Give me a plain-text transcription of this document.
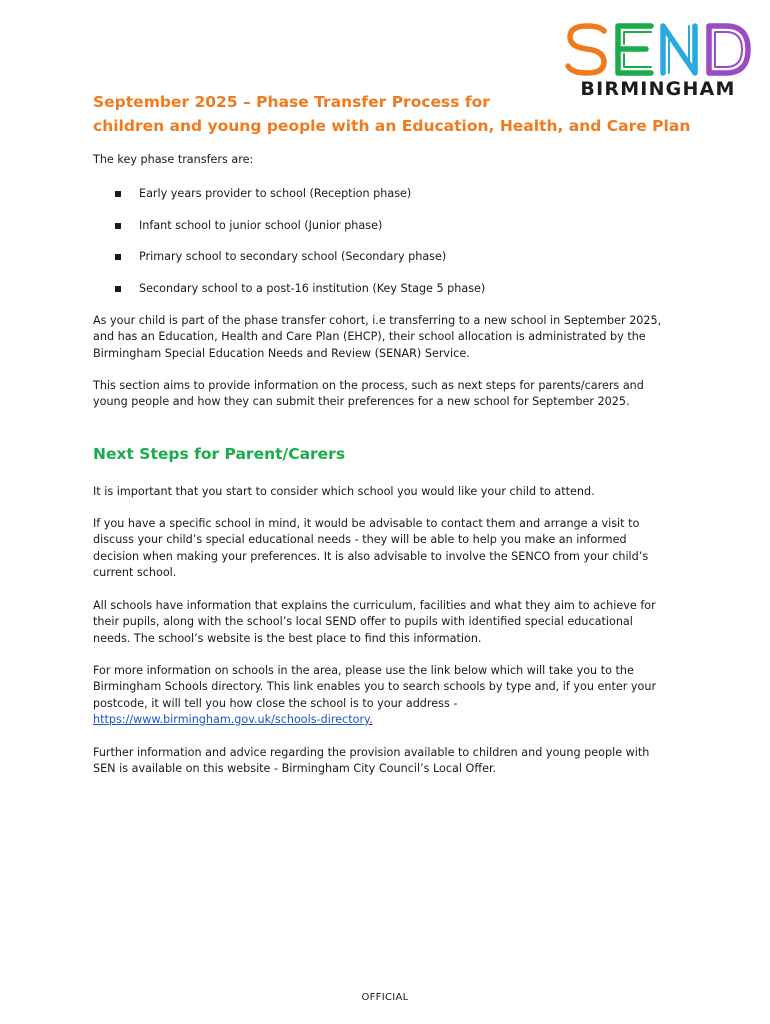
BIRMINGHAM
September 2025 – Phase Transfer Process for
children and young people with an Education, Health, and Care Plan

The key phase transfers are:

Early years provider to school (Reception phase)
Infant school to junior school (Junior phase)
Primary school to secondary school (Secondary phase)
Secondary school to a post-16 institution (Key Stage 5 phase)

As your child is part of the phase transfer cohort, i.e transferring to a new school in September 2025,
and has an Education, Health and Care Plan (EHCP), their school allocation is administrated by the
Birmingham Special Education Needs and Review (SENAR) Service.

This section aims to provide information on the process, such as next steps for parents/carers and
young people and how they can submit their preferences for a new school for September 2025.

Next Steps for Parent/Carers

It is important that you start to consider which school you would like your child to attend.

If you have a specific school in mind, it would be advisable to contact them and arrange a visit to
discuss your child’s special educational needs - they will be able to help you make an informed
decision when making your preferences. It is also advisable to involve the SENCO from your child’s
current school.

All schools have information that explains the curriculum, facilities and what they aim to achieve for
their pupils, along with the school’s local SEND offer to pupils with identified special educational
needs. The school’s website is the best place to find this information.

For more information on schools in the area, please use the link below which will take you to the
Birmingham Schools directory. This link enables you to search schools by type and, if you enter your
postcode, it will tell you how close the school is to your address -
https://www.birmingham.gov.uk/schools-directory.

Further information and advice regarding the provision available to children and young people with
SEN is available on this website - Birmingham City Council’s Local Offer.

OFFICIAL
